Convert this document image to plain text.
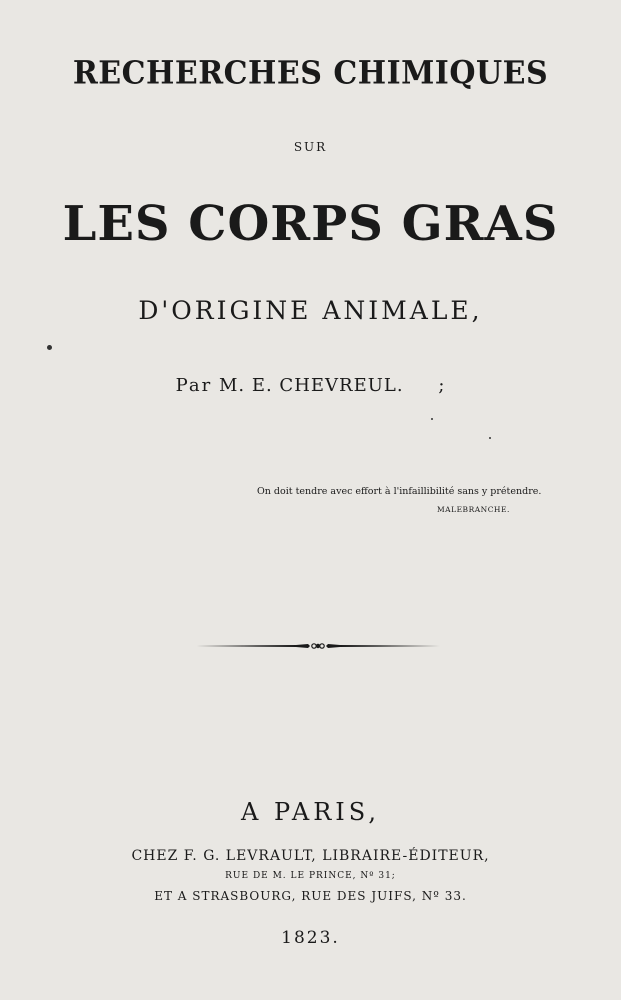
RECHERCHES CHIMIQUES
SUR
LES CORPS GRAS
D'ORIGINE ANIMALE,
Par M. E. CHEVREUL. ;
On doit tendre avec effort à l'infaillibilité sans y prétendre.
MALEBRANCHE.
A PARIS,
CHEZ F. G. LEVRAULT, LIBRAIRE-ÉDITEUR,
RUE DE M. LE PRINCE, Nº 31;
ET A STRASBOURG, RUE DES JUIFS, Nº 33.
1823.
